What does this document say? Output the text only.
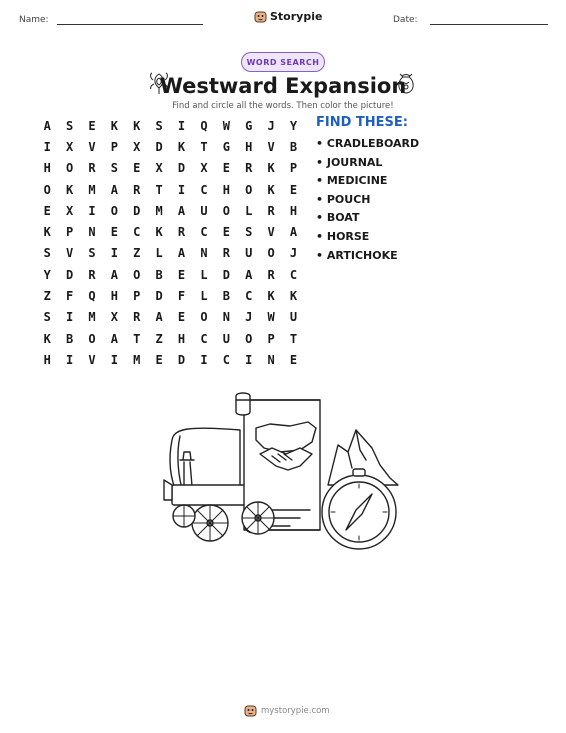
Name:	Storypie	Date:
WORD SEARCH
Westward Expansion
Find and circle all the words. Then color the picture!
A	S	E	K	K	S	I	Q	W	G	J	Y
I	X	V	P	X	D	K	T	G	H	V	B
H	O	R	S	E	X	D	X	E	R	K	P
O	K	M	A	R	T	I	C	H	O	K	E
E	X	I	O	D	M	A	U	O	L	R	H
K	P	N	E	C	K	R	C	E	S	V	A
S	V	S	I	Z	L	A	N	R	U	O	J
Y	D	R	A	O	B	E	L	D	A	R	C
Z	F	Q	H	P	D	F	L	B	C	K	K
S	I	M	X	R	A	E	O	N	J	W	U
K	B	O	A	T	Z	H	C	U	O	P	T
H	I	V	I	M	E	D	I	C	I	N	E
FIND THESE:
• CRADLEBOARD
• JOURNAL
• MEDICINE
• POUCH
• BOAT
• HORSE
• ARTICHOKE
mystorypie.com
